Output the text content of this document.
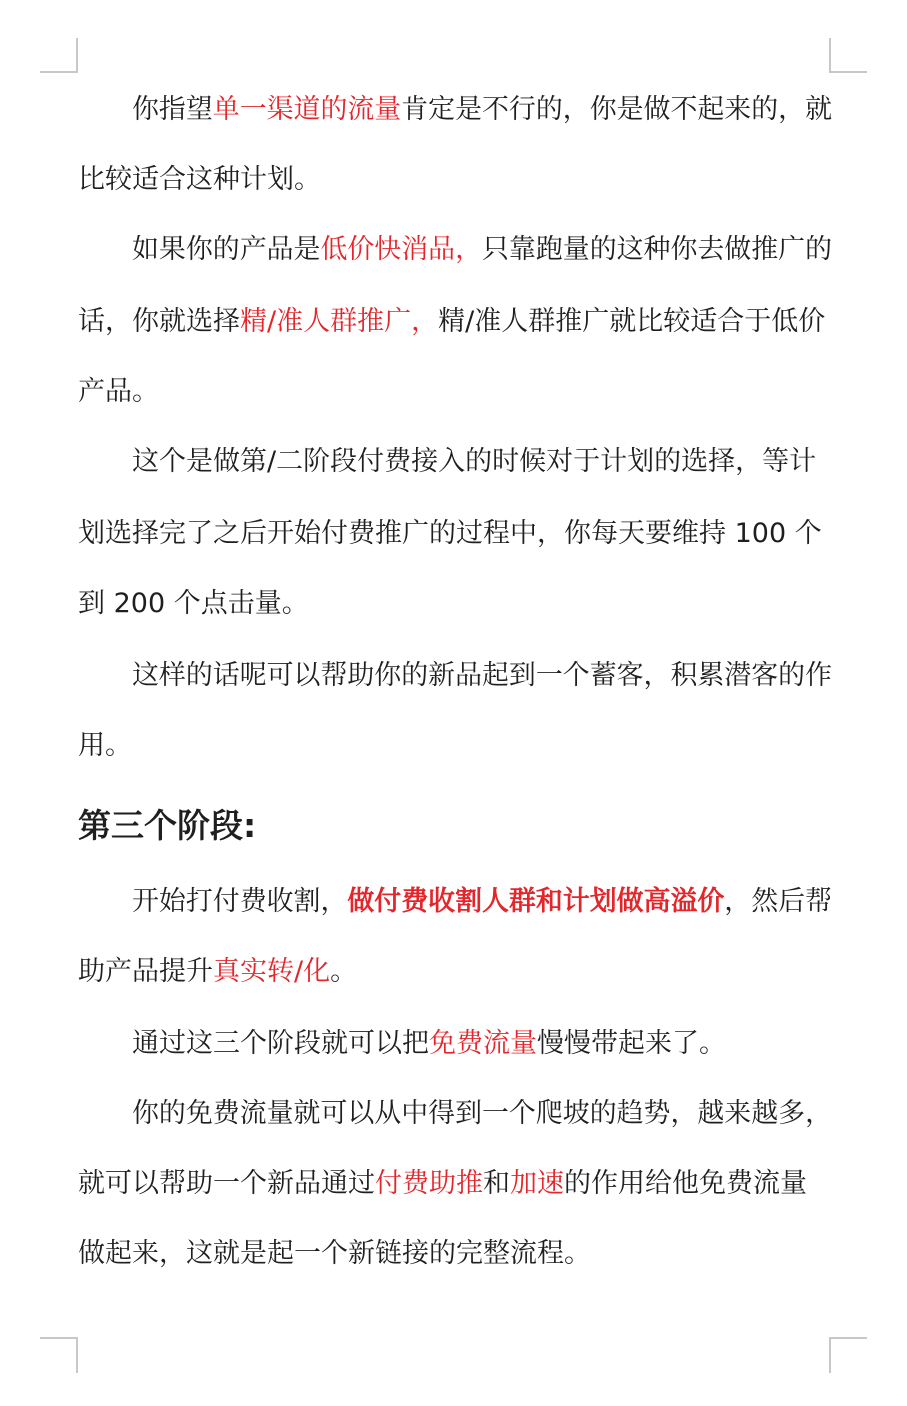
你指望单一渠道的流量肯定是不行的，你是做不起来的，就
比较适合这种计划。
如果你的产品是低价快消品，只靠跑量的这种你去做推广的
话，你就选择精/准人群推广，精/准人群推广就比较适合于低价
产品。
这个是做第/二阶段付费接入的时候对于计划的选择，等计
划选择完了之后开始付费推广的过程中，你每天要维持 100 个
到 200 个点击量。
这样的话呢可以帮助你的新品起到一个蓄客，积累潜客的作
用。
第三个阶段:
开始打付费收割，做付费收割人群和计划做高溢价，然后帮
助产品提升真实转/化。
通过这三个阶段就可以把免费流量慢慢带起来了。
你的免费流量就可以从中得到一个爬坡的趋势，越来越多，
就可以帮助一个新品通过付费助推和加速的作用给他免费流量
做起来，这就是起一个新链接的完整流程。
